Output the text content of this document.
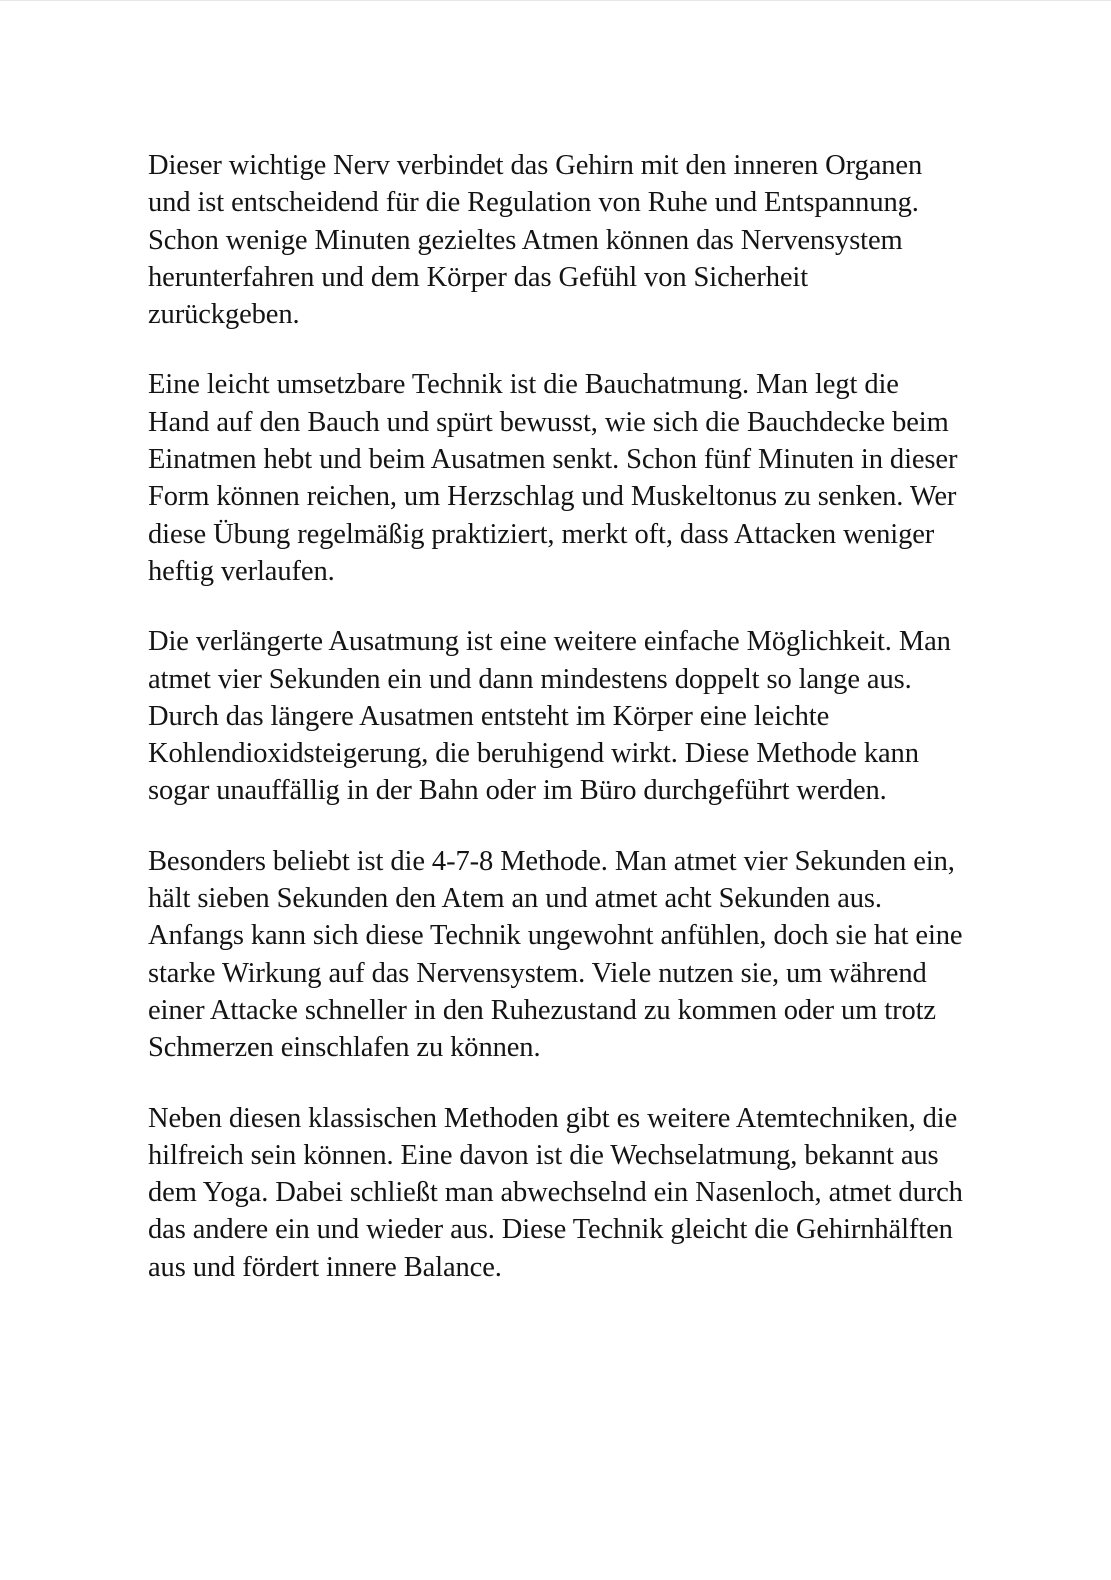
Dieser wichtige Nerv verbindet das Gehirn mit den inneren Organen und ist entscheidend für die Regulation von Ruhe und Entspannung. Schon wenige Minuten gezieltes Atmen können das Nervensystem herunterfahren und dem Körper das Gefühl von Sicherheit zurückgeben.

Eine leicht umsetzbare Technik ist die Bauchatmung. Man legt die Hand auf den Bauch und spürt bewusst, wie sich die Bauchdecke beim Einatmen hebt und beim Ausatmen senkt. Schon fünf Minuten in dieser Form können reichen, um Herzschlag und Muskeltonus zu senken. Wer diese Übung regelmäßig praktiziert, merkt oft, dass Attacken weniger heftig verlaufen.

Die verlängerte Ausatmung ist eine weitere einfache Möglichkeit. Man atmet vier Sekunden ein und dann mindestens doppelt so lange aus. Durch das längere Ausatmen entsteht im Körper eine leichte Kohlendioxidsteigerung, die beruhigend wirkt. Diese Methode kann sogar unauffällig in der Bahn oder im Büro durchgeführt werden.

Besonders beliebt ist die 4-7-8 Methode. Man atmet vier Sekunden ein, hält sieben Sekunden den Atem an und atmet acht Sekunden aus. Anfangs kann sich diese Technik ungewohnt anfühlen, doch sie hat eine starke Wirkung auf das Nervensystem. Viele nutzen sie, um während einer Attacke schneller in den Ruhezustand zu kommen oder um trotz Schmerzen einschlafen zu können.

Neben diesen klassischen Methoden gibt es weitere Atemtechniken, die hilfreich sein können. Eine davon ist die Wechselatmung, bekannt aus dem Yoga. Dabei schließt man abwechselnd ein Nasenloch, atmet durch das andere ein und wieder aus. Diese Technik gleicht die Gehirnhälften aus und fördert innere Balance.
